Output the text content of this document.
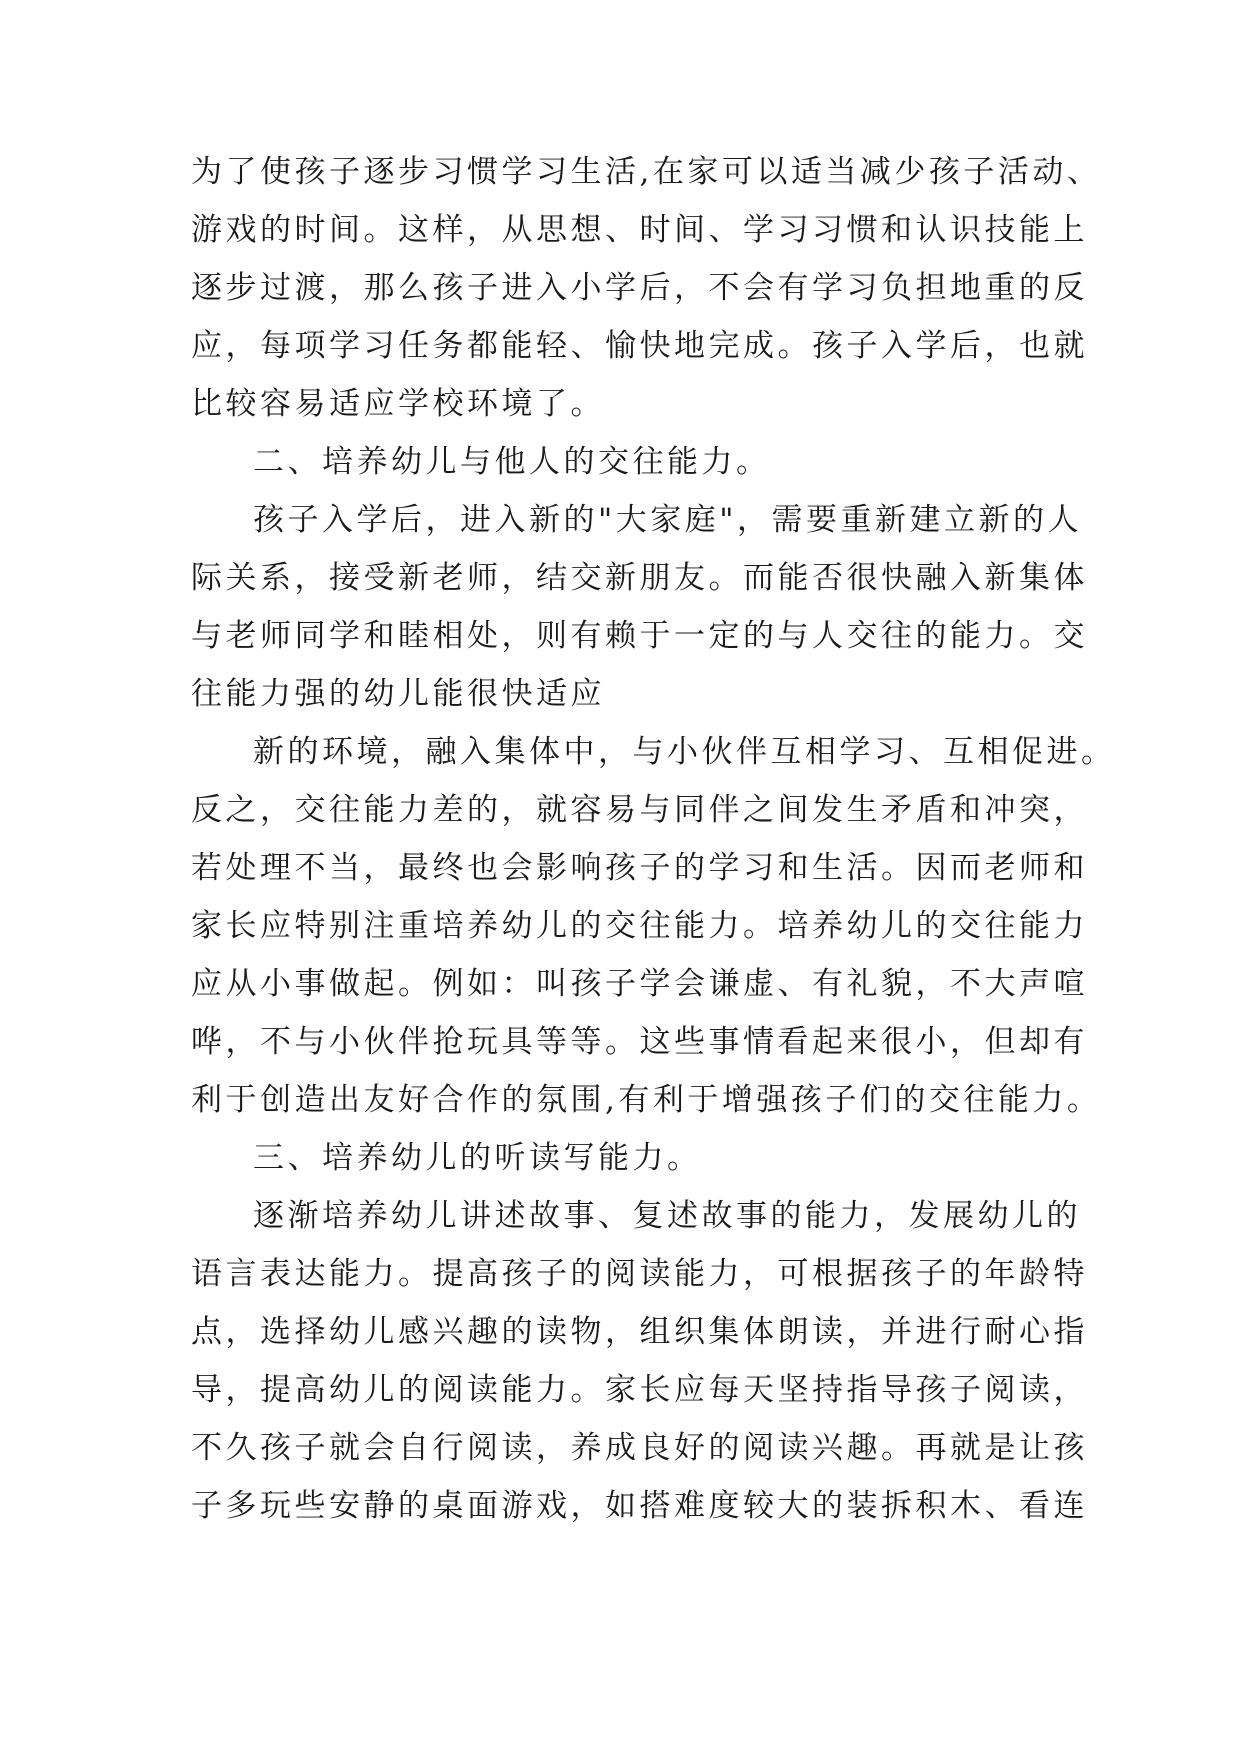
为了使孩子逐步习惯学习生活,在家可以适当减少孩子活动、
游戏的时间。这样，从思想、时间、学习习惯和认识技能上
逐步过渡，那么孩子进入小学后，不会有学习负担地重的反
应，每项学习任务都能轻、愉快地完成。孩子入学后，也就
比较容易适应学校环境了。
二、培养幼儿与他人的交往能力。
孩子入学后，进入新的"大家庭"，需要重新建立新的人
际关系，接受新老师，结交新朋友。而能否很快融入新集体
与老师同学和睦相处，则有赖于一定的与人交往的能力。交
往能力强的幼儿能很快适应
新的环境，融入集体中，与小伙伴互相学习、互相促进。
反之，交往能力差的，就容易与同伴之间发生矛盾和冲突，
若处理不当，最终也会影响孩子的学习和生活。因而老师和
家长应特别注重培养幼儿的交往能力。培养幼儿的交往能力
应从小事做起。例如：叫孩子学会谦虚、有礼貌，不大声喧
哗，不与小伙伴抢玩具等等。这些事情看起来很小，但却有
利于创造出友好合作的氛围,有利于增强孩子们的交往能力。
三、培养幼儿的听读写能力。
逐渐培养幼儿讲述故事、复述故事的能力，发展幼儿的
语言表达能力。提高孩子的阅读能力，可根据孩子的年龄特
点，选择幼儿感兴趣的读物，组织集体朗读，并进行耐心指
导，提高幼儿的阅读能力。家长应每天坚持指导孩子阅读，
不久孩子就会自行阅读，养成良好的阅读兴趣。再就是让孩
子多玩些安静的桌面游戏，如搭难度较大的装拆积木、看连
